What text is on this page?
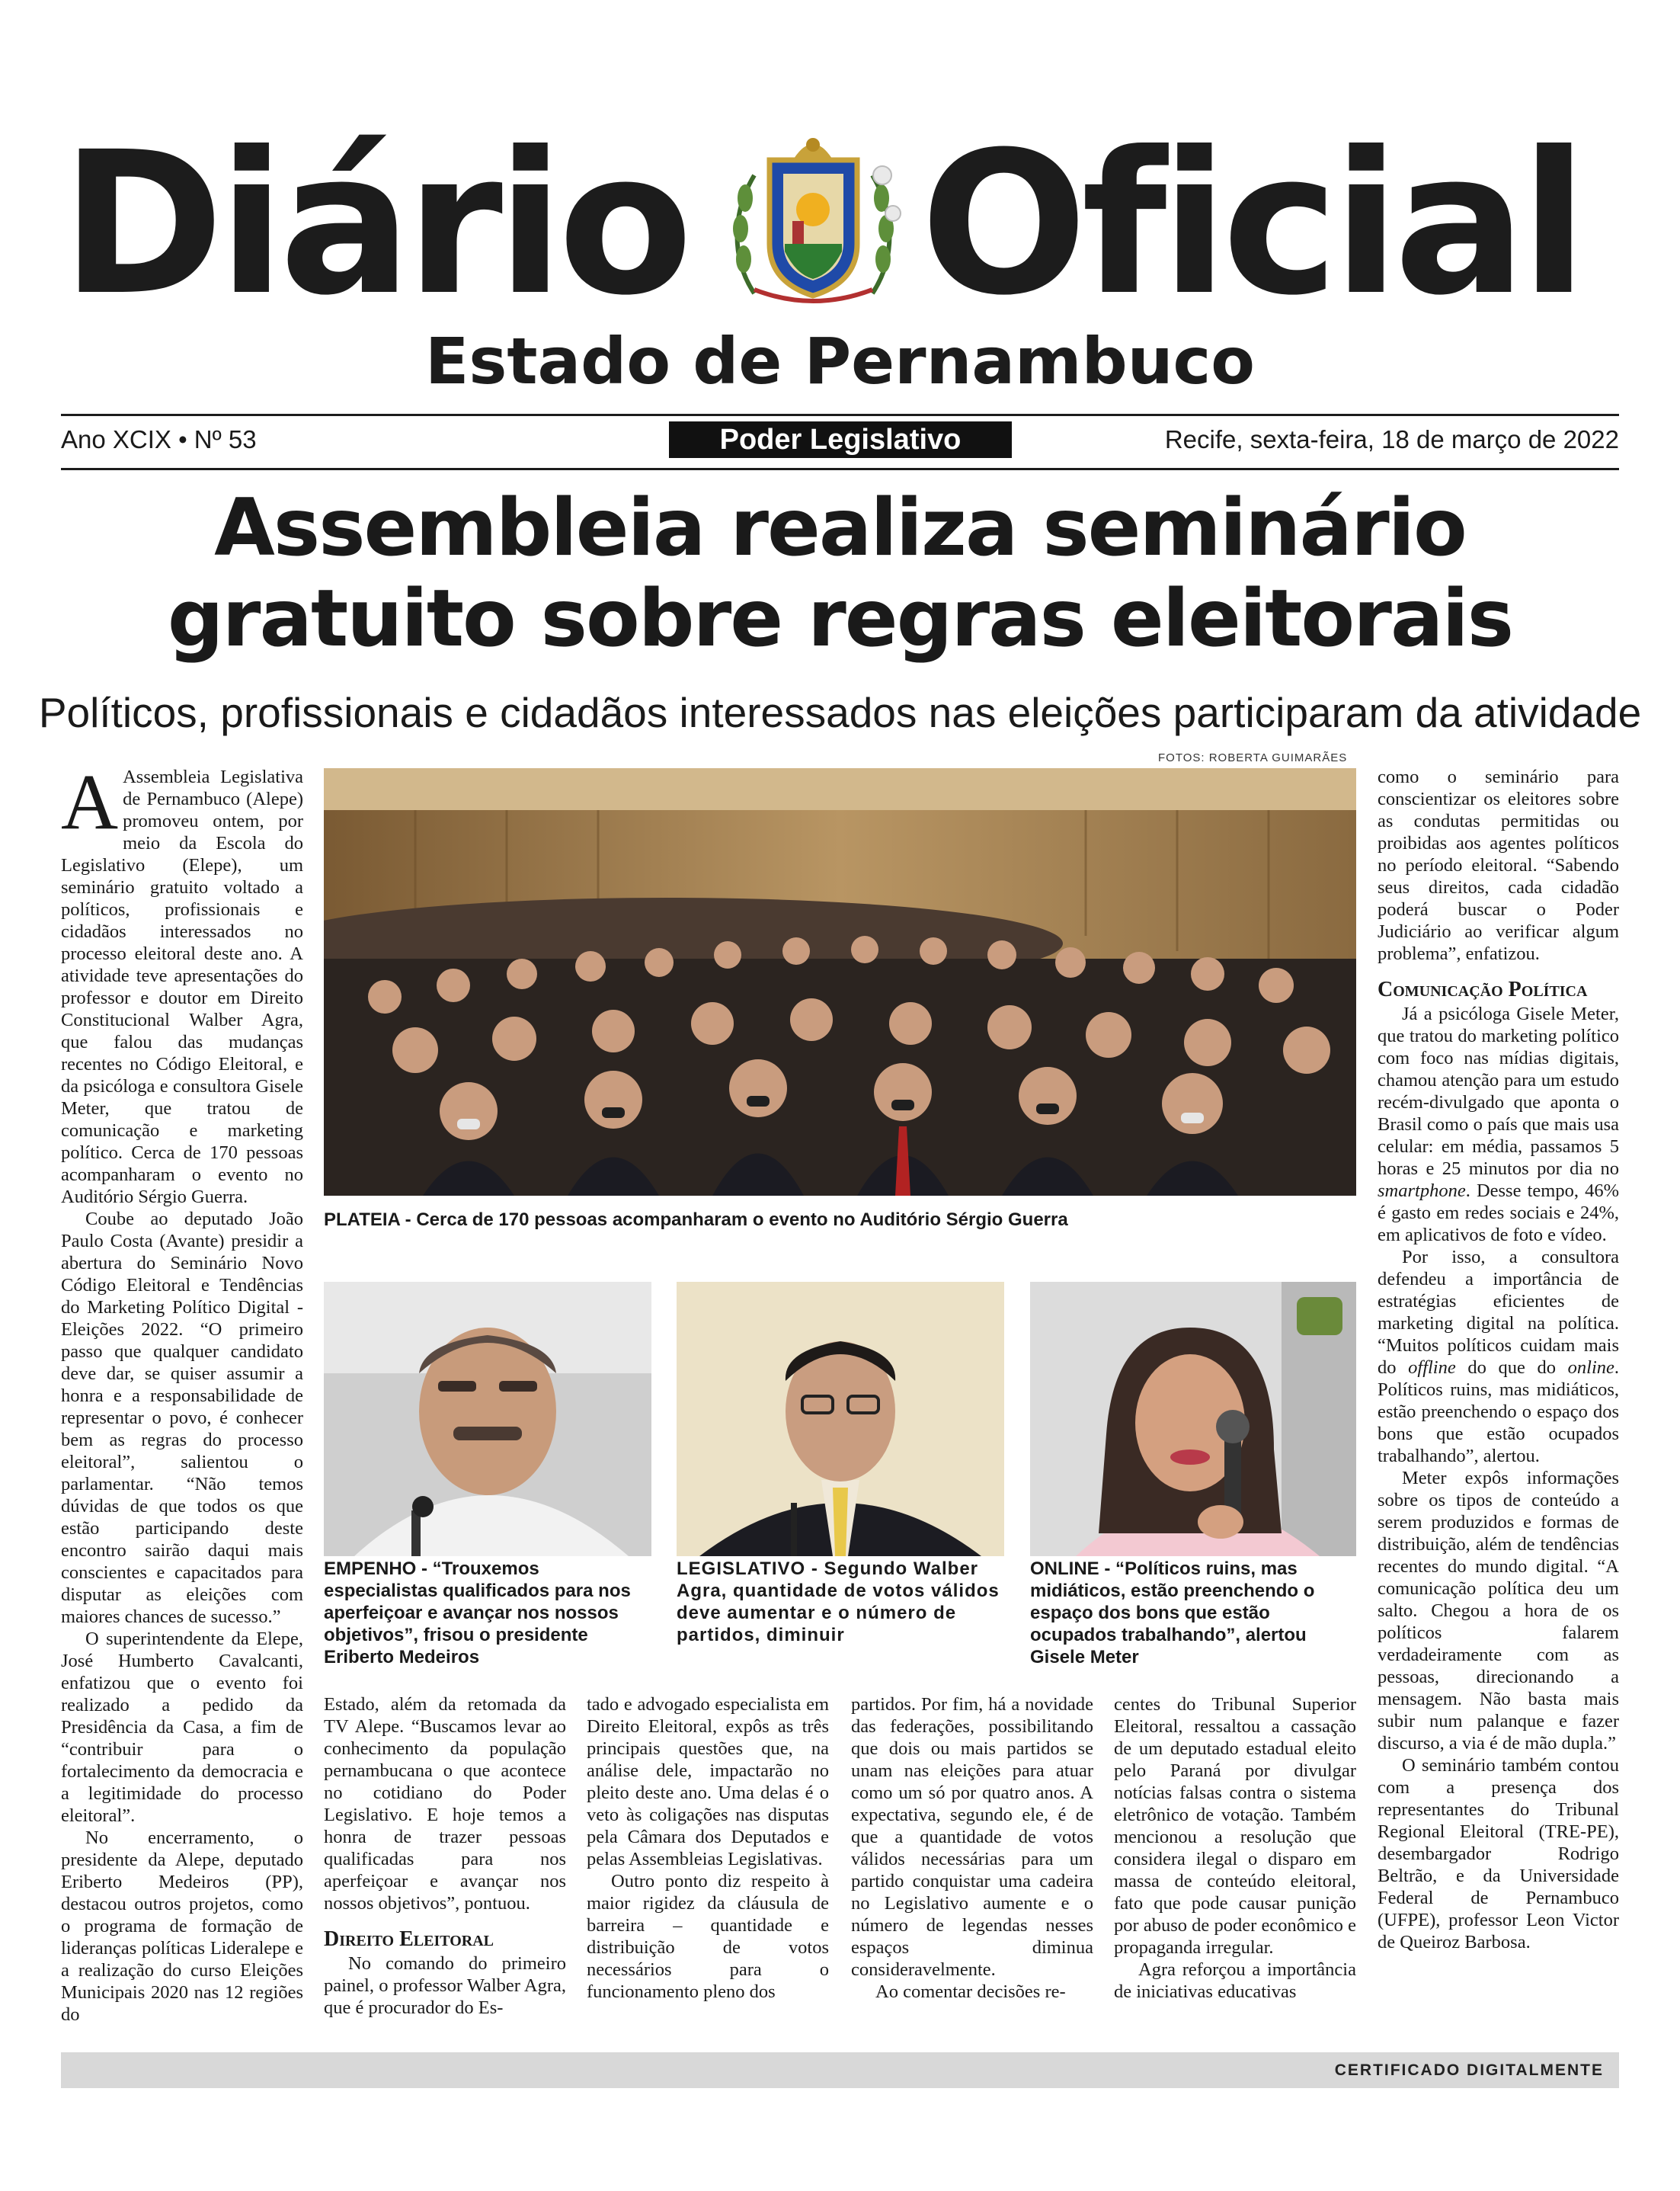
Diário Oficial
Estado de Pernambuco
Ano XCIX • Nº 53	Poder Legislativo	Recife, sexta-feira, 18 de março de 2022
Assembleia realiza seminário
gratuito sobre regras eleitorais
Políticos, profissionais e cidadãos interessados nas eleições participaram da atividade

A Assembleia Legislativa de Pernambuco (Alepe) promoveu ontem, por meio da Escola do Legislativo (Elepe), um seminário gratuito voltado a políticos, profissionais e cidadãos interessados no processo eleitoral deste ano. A atividade teve apresentações do professor e doutor em Direito Constitucional Walber Agra, que falou das mudanças recentes no Código Eleitoral, e da psicóloga e consultora Gisele Meter, que tratou de comunicação e marketing político. Cerca de 170 pessoas acompanharam o evento no Auditório Sérgio Guerra.

Coube ao deputado João Paulo Costa (Avante) presidir a abertura do Seminário Novo Código Eleitoral e Tendências do Marketing Político Digital - Eleições 2022. “O primeiro passo que qualquer candidato deve dar, se quiser assumir a honra e a responsabilidade de representar o povo, é conhecer bem as regras do processo eleitoral”, salientou o parlamentar. “Não temos dúvidas de que todos os que estão participando deste encontro sairão daqui mais conscientes e capacitados para disputar as eleições com maiores chances de sucesso.”

O superintendente da Elepe, José Humberto Cavalcanti, enfatizou que o evento foi realizado a pedido da Presidência da Casa, a fim de “contribuir para o fortalecimento da democracia e a legitimidade do processo eleitoral”.

No encerramento, o presidente da Alepe, deputado Eriberto Medeiros (PP), destacou outros projetos, como o programa de formação de lideranças políticas Lideralepe e a realização do curso Eleições Municipais 2020 nas 12 regiões do

FOTOS: ROBERTA GUIMARÃES
PLATEIA - Cerca de 170 pessoas acompanharam o evento no Auditório Sérgio Guerra
EMPENHO - “Trouxemos especialistas qualificados para nos aperfeiçoar e avançar nos nossos objetivos”, frisou o presidente Eriberto Medeiros
LEGISLATIVO - Segundo Walber Agra, quantidade de votos válidos deve aumentar e o número de partidos, diminuir
ONLINE - “Políticos ruins, mas midiáticos, estão preenchendo o espaço dos bons que estão ocupados trabalhando”, alertou Gisele Meter

Estado, além da retomada da TV Alepe. “Buscamos levar ao conhecimento da população pernambucana o que acontece no cotidiano do Poder Legislativo. E hoje temos a honra de trazer pessoas qualificadas para nos aperfeiçoar e avançar nos nossos objetivos”, pontuou.

Direito Eleitoral

No comando do primeiro painel, o professor Walber Agra, que é procurador do Es-

tado e advogado especialista em Direito Eleitoral, expôs as três principais questões que, na análise dele, impactarão no pleito deste ano. Uma delas é o veto às coligações nas disputas pela Câmara dos Deputados e pelas Assembleias Legislativas.

Outro ponto diz respeito à maior rigidez da cláusula de barreira – quantidade e distribuição de votos necessários para o funcionamento pleno dos

partidos. Por fim, há a novidade das federações, possibilitando que dois ou mais partidos se unam nas eleições para atuar como um só por quatro anos. A expectativa, segundo ele, é de que a quantidade de votos válidos necessárias para um partido conquistar uma cadeira no Legislativo aumente e o número de legendas nesses espaços diminua consideravelmente.

Ao comentar decisões re-

centes do Tribunal Superior Eleitoral, ressaltou a cassação de um deputado estadual eleito pelo Paraná por divulgar notícias falsas contra o sistema eletrônico de votação. Também mencionou a resolução que considera ilegal o disparo em massa de conteúdo eleitoral, fato que pode causar punição por abuso de poder econômico e propaganda irregular.

Agra reforçou a importância de iniciativas educativas

como o seminário para conscientizar os eleitores sobre as condutas permitidas ou proibidas aos agentes políticos no período eleitoral. “Sabendo seus direitos, cada cidadão poderá buscar o Poder Judiciário ao verificar algum problema”, enfatizou.

Comunicação Política

Já a psicóloga Gisele Meter, que tratou do marketing político com foco nas mídias digitais, chamou atenção para um estudo recém-divulgado que aponta o Brasil como o país que mais usa celular: em média, passamos 5 horas e 25 minutos por dia no smartphone. Desse tempo, 46% é gasto em redes sociais e 24%, em aplicativos de foto e vídeo.

Por isso, a consultora defendeu a importância de estratégias eficientes de marketing digital na política. “Muitos políticos cuidam mais do offline do que do online. Políticos ruins, mas midiáticos, estão preenchendo o espaço dos bons que estão ocupados trabalhando”, alertou.

Meter expôs informações sobre os tipos de conteúdo a serem produzidos e formas de distribuição, além de tendências recentes do mundo digital. “A comunicação política deu um salto. Chegou a hora de os políticos falarem verdadeiramente com as pessoas, direcionando a mensagem. Não basta mais subir num palanque e fazer discurso, a via é de mão dupla.”

O seminário também contou com a presença dos representantes do Tribunal Regional Eleitoral (TRE-PE), desembargador Rodrigo Beltrão, e da Universidade Federal de Pernambuco (UFPE), professor Leon Victor de Queiroz Barbosa.

CERTIFICADO DIGITALMENTE
